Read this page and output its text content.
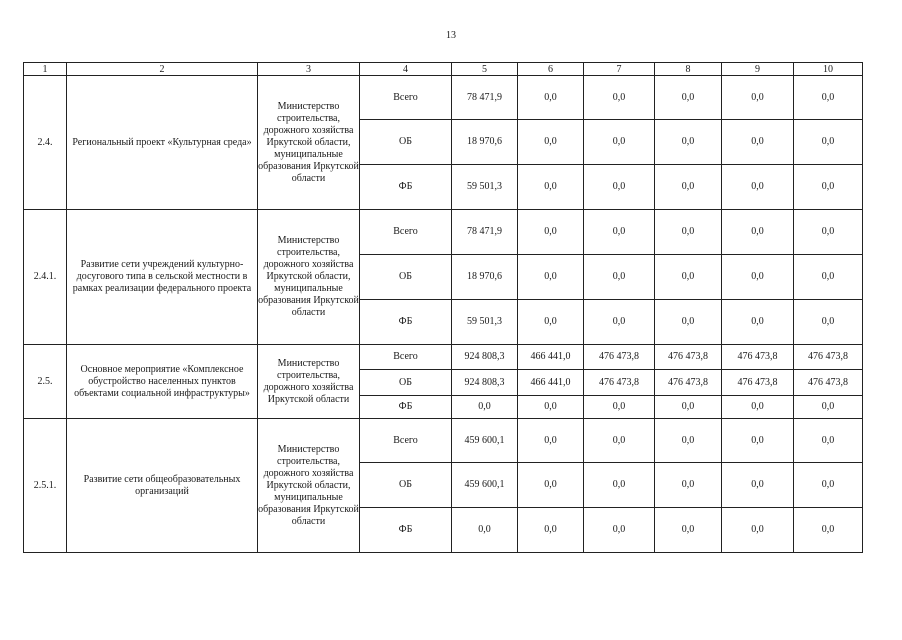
13
1	2	3	4	5	6	7	8	9	10
2.4.	Региональный проект «Культурная среда»	Министерство строительства, дорожного хозяйства Иркутской области, муниципальные образования Иркутской области	Всего	78 471,9	0,0	0,0	0,0	0,0	0,0
			ОБ	18 970,6	0,0	0,0	0,0	0,0	0,0
			ФБ	59 501,3	0,0	0,0	0,0	0,0	0,0
2.4.1.	Развитие сети учреждений культурно-досугового типа в сельской местности в рамках реализации федерального проекта	Министерство строительства, дорожного хозяйства Иркутской области, муниципальные образования Иркутской области	Всего	78 471,9	0,0	0,0	0,0	0,0	0,0
			ОБ	18 970,6	0,0	0,0	0,0	0,0	0,0
			ФБ	59 501,3	0,0	0,0	0,0	0,0	0,0
2.5.	Основное мероприятие «Комплексное обустройство населенных пунктов объектами социальной инфраструктуры»	Министерство строительства, дорожного хозяйства Иркутской области	Всего	924 808,3	466 441,0	476 473,8	476 473,8	476 473,8	476 473,8
			ОБ	924 808,3	466 441,0	476 473,8	476 473,8	476 473,8	476 473,8
			ФБ	0,0	0,0	0,0	0,0	0,0	0,0
2.5.1.	Развитие сети общеобразовательных организаций	Министерство строительства, дорожного хозяйства Иркутской области, муниципальные образования Иркутской области	Всего	459 600,1	0,0	0,0	0,0	0,0	0,0
			ОБ	459 600,1	0,0	0,0	0,0	0,0	0,0
			ФБ	0,0	0,0	0,0	0,0	0,0	0,0
